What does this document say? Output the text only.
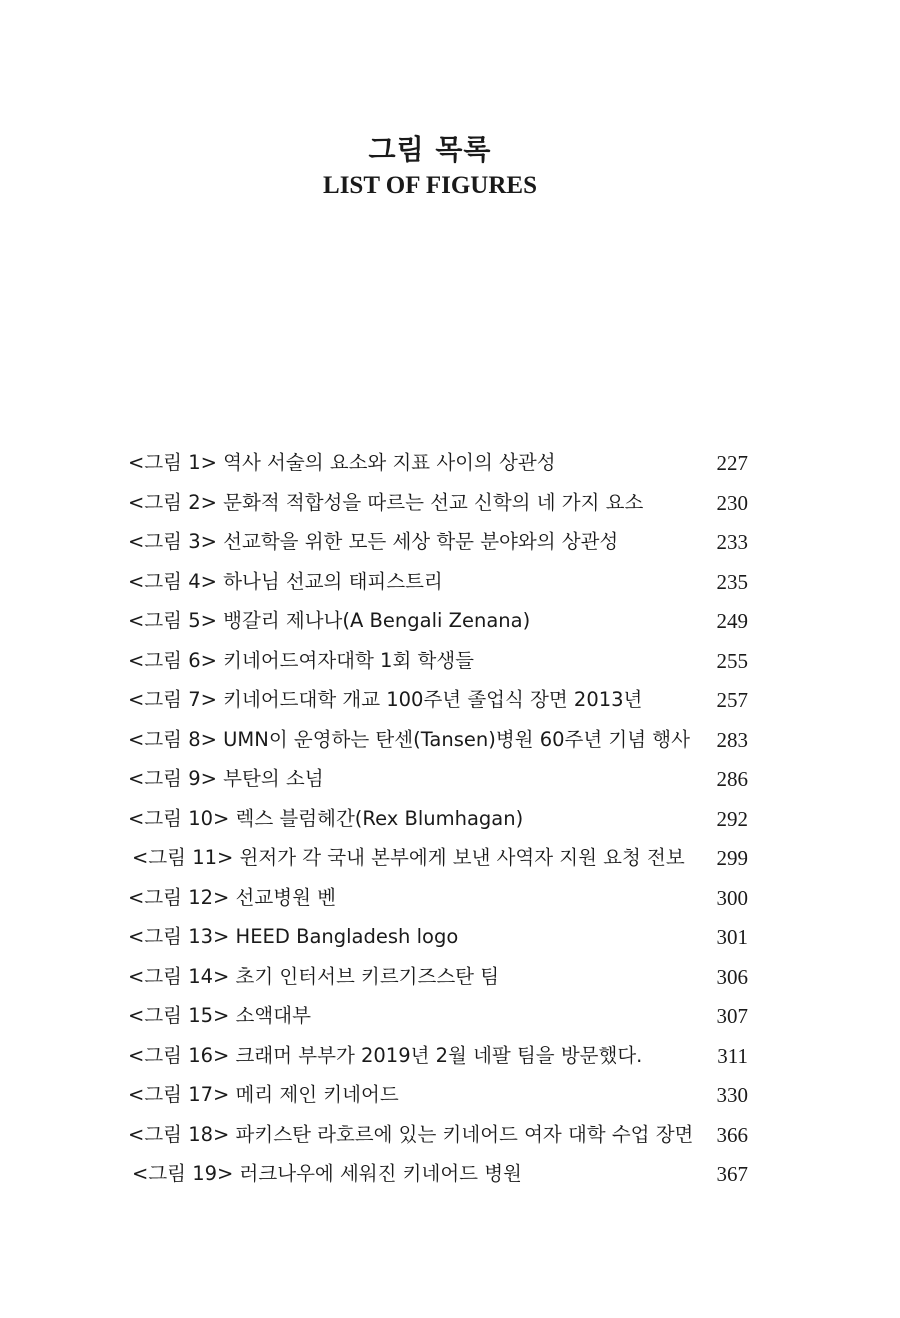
그림 목록
LIST OF FIGURES
<그림 1> 역사 서술의 요소와 지표 사이의 상관성	227
<그림 2> 문화적 적합성을 따르는 선교 신학의 네 가지 요소	230
<그림 3> 선교학을 위한 모든 세상 학문 분야와의 상관성	233
<그림 4> 하나님 선교의 태피스트리	235
<그림 5> 뱅갈리 제나나(A Bengali Zenana)	249
<그림 6> 키네어드여자대학 1회 학생들	255
<그림 7> 키네어드대학 개교 100주년 졸업식 장면 2013년	257
<그림 8> UMN이 운영하는 탄센(Tansen)병원 60주년 기념 행사 283
<그림 9> 부탄의 소넘	286
<그림 10> 렉스 블럼헤간(Rex Blumhagan)	292
<그림 11> 윈저가 각 국내 본부에게 보낸 사역자 지원 요청 전보 299
<그림 12> 선교병원 벤	300
<그림 13> HEED Bangladesh logo	301
<그림 14> 초기 인터서브 키르기즈스탄 팀	306
<그림 15> 소액대부	307
<그림 16> 크래머 부부가 2019년 2월 네팔 팀을 방문했다.	311
<그림 17> 메리 제인 키네어드	330
<그림 18> 파키스탄 라호르에 있는 키네어드 여자 대학 수업 장면 366
<그림 19> 러크나우에 세워진 키네어드 병원	367
